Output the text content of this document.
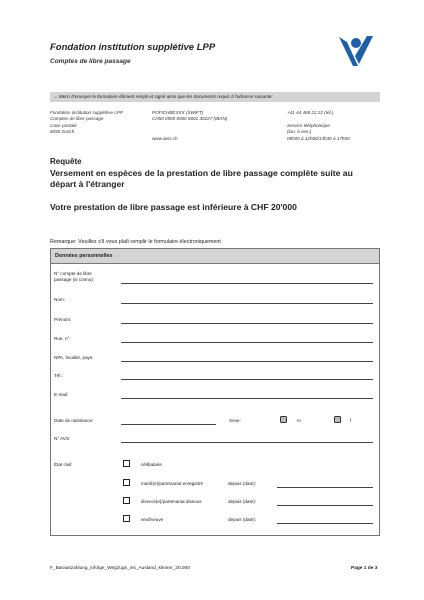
Fondation institution supplétive LPP
Comptes de libre passage
→ Merci d'envoyer le formulaire dûment rempli et signé ainsi que les documents requis à l'adresse suivante:
Fondation institution supplétive LPP
Comptes de libre passage
Case postale
8050 Zurich
POFICHBEXXX (SWIFT)
CH50 0900 0000 8001 30227 (IBAN)
www.aeis.ch
+41 44 468 22 22 (tél.)

Service téléphonique
(lun. à ven.)
08h00 à 12h00/13h30 à 17h00
Requête
Versement en espèces de la prestation de libre passage complète suite au départ à l'étranger
Votre prestation de libre passage est inférieure à CHF 20'000
Remarque: Veuillez s'il vous plaît remplir le formulaire électroniquement
Données personnelles
N° compte de libre
passage (si connu):
Nom:
Prénom:
Rue, n°:
NPA, localité, pays:
Tél.:
E-mail:
Date de naissance:	Sexe:	m	f
N° AVS:
État civil:	célibataire
marié(e)/partenariat enregistré	depuis (date):
divorcé(e)/partenariat dissous	depuis (date):
veuf/veuve	depuis (date):
F_Barauszahlung_infolge_Wegzugs_ins_Ausland_kleiner_20.000	Page 1 de 3
